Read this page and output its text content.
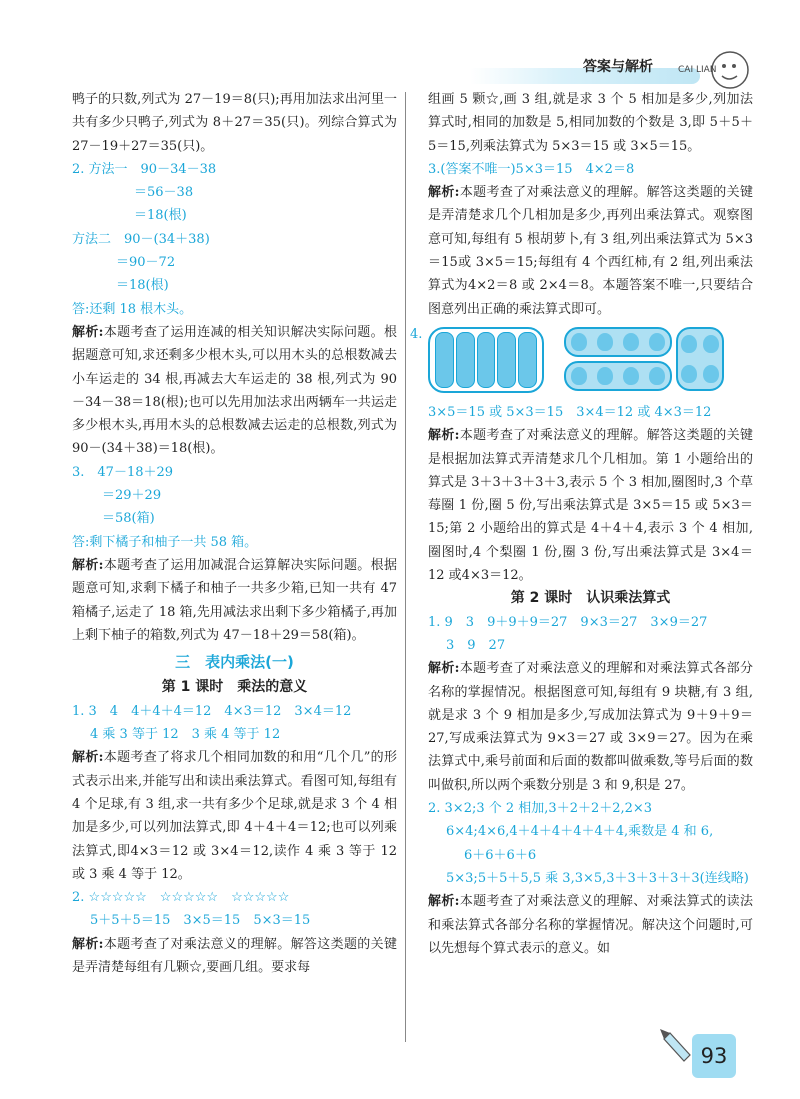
答案与解析	CAI LIAN

鸭子的只数,列式为 27－19＝8(只);再用加法求出河里一共有多少只鸭子,列式为 8＋27＝35(只)。列综合算式为 27－19＋27＝35(只)。

2. 方法一　90－34－38

＝56－38

＝18(根)

方法二　90－(34＋38)

＝90－72

＝18(根)

答:还剩 18 根木头。

解析:本题考查了运用连减的相关知识解决实际问题。根据题意可知,求还剩多少根木头,可以用木头的总根数减去小车运走的 34 根,再减去大车运走的 38 根,列式为 90－34－38＝18(根);也可以先用加法求出两辆车一共运走多少根木头,再用木头的总根数减去运走的总根数,列式为 90－(34＋38)＝18(根)。

3.　47－18＋29

＝29＋29

＝58(箱)

答:剩下橘子和柚子一共 58 箱。

解析:本题考查了运用加减混合运算解决实际问题。根据题意可知,求剩下橘子和柚子一共多少箱,已知一共有 47 箱橘子,运走了 18 箱,先用减法求出剩下多少箱橘子,再加上剩下柚子的箱数,列式为 47－18＋29＝58(箱)。

三　表内乘法(一)
第 1 课时　乘法的意义

1. 3　4　4＋4＋4＝12　4×3＝12　3×4＝12

4 乘 3 等于 12　3 乘 4 等于 12

解析:本题考查了将求几个相同加数的和用“几个几”的形式表示出来,并能写出和读出乘法算式。看图可知,每组有 4 个足球,有 3 组,求一共有多少个足球,就是求 3 个 4 相加是多少,可以列加法算式,即 4＋4＋4＝12;也可以列乘法算式,即4×3＝12 或 3×4＝12,读作 4 乘 3 等于 12 或 3 乘 4 等于 12。

2. ☆☆☆☆☆　☆☆☆☆☆　☆☆☆☆☆

5＋5＋5＝15　3×5＝15　5×3＝15

解析:本题考查了对乘法意义的理解。解答这类题的关键是弄清楚每组有几颗☆,要画几组。要求每

组画 5 颗☆,画 3 组,就是求 3 个 5 相加是多少,列加法算式时,相同的加数是 5,相同加数的个数是 3,即 5＋5＋5＝15,列乘法算式为 5×3＝15 或 3×5＝15。

3.(答案不唯一)5×3＝15　4×2＝8

解析:本题考查了对乘法意义的理解。解答这类题的关键是弄清楚求几个几相加是多少,再列出乘法算式。观察图意可知,每组有 5 根胡萝卜,有 3 组,列出乘法算式为 5×3＝15或 3×5＝15;每组有 4 个西红柿,有 2 组,列出乘法算式为4×2＝8 或 2×4＝8。本题答案不唯一,只要结合图意列出正确的乘法算式即可。

4.

3×5＝15 或 5×3＝15　3×4＝12 或 4×3＝12

解析:本题考查了对乘法意义的理解。解答这类题的关键是根据加法算式弄清楚求几个几相加。第 1 小题给出的算式是 3＋3＋3＋3＋3,表示 5 个 3 相加,圈图时,3 个草莓圈 1 份,圈 5 份,写出乘法算式是 3×5＝15 或 5×3＝15;第 2 小题给出的算式是 4＋4＋4,表示 3 个 4 相加,圈图时,4 个梨圈 1 份,圈 3 份,写出乘法算式是 3×4＝12 或4×3＝12。

第 2 课时　认识乘法算式

1. 9　3　9＋9＋9＝27　9×3＝27　3×9＝27

3　9　27

解析:本题考查了对乘法意义的理解和对乘法算式各部分名称的掌握情况。根据图意可知,每组有 9 块糖,有 3 组,就是求 3 个 9 相加是多少,写成加法算式为 9＋9＋9＝27,写成乘法算式为 9×3＝27 或 3×9＝27。因为在乘法算式中,乘号前面和后面的数都叫做乘数,等号后面的数叫做积,所以两个乘数分别是 3 和 9,积是 27。

2. 3×2;3 个 2 相加,3＋2＋2＋2,2×3

6×4;4×6,4＋4＋4＋4＋4＋4,乘数是 4 和 6,

6＋6＋6＋6

5×3;5＋5＋5,5 乘 3,3×5,3＋3＋3＋3＋3(连线略)

解析:本题考查了对乘法意义的理解、对乘法算式的读法和乘法算式各部分名称的掌握情况。解决这个问题时,可以先想每个算式表示的意义。如

93
